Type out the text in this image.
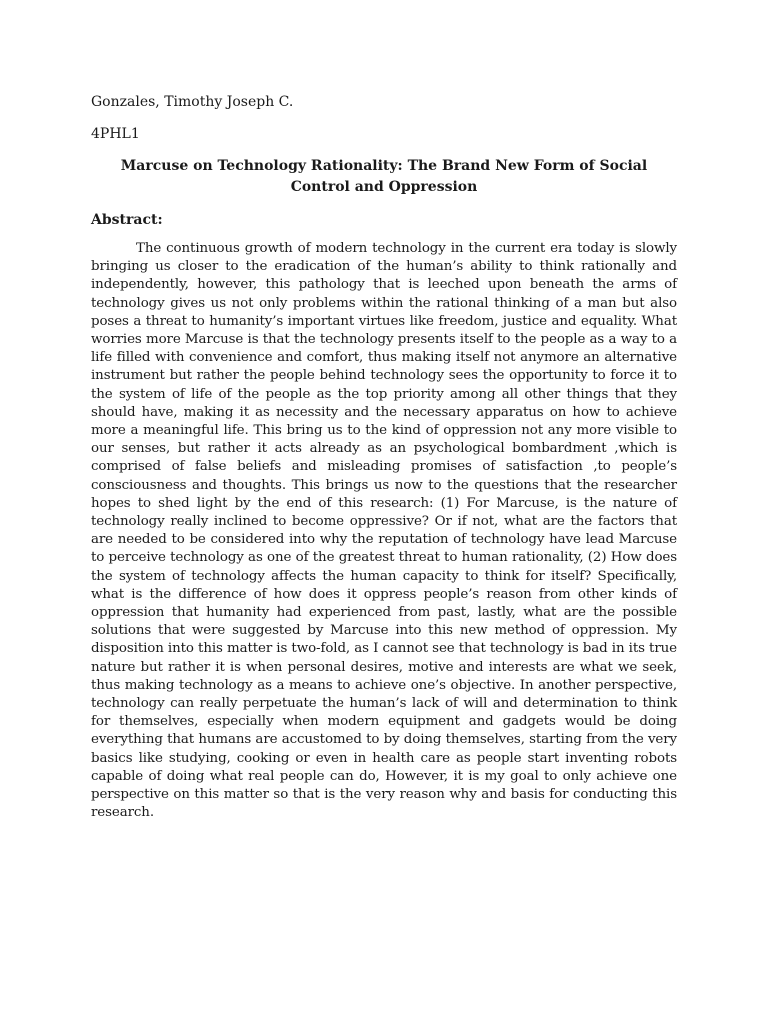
Gonzales, Timothy Joseph C.

4PHL1

Marcuse on Technology Rationality: The Brand New Form of Social Control and Oppression

Abstract:

The continuous growth of modern technology in the current era today is slowly bringing us closer to the eradication of the human’s ability to think rationally and independently, however, this pathology that is leeched upon beneath the arms of technology gives us not only problems within the rational thinking of a man but also poses a threat to humanity’s important virtues like freedom, justice and equality. What worries more Marcuse is that the technology presents itself to the people as a way to a life filled with convenience and comfort, thus making itself not anymore an alternative instrument but rather the people behind technology sees the opportunity to force it to the system of life of the people as the top priority among all other things that they should have, making it as necessity and the necessary apparatus on how to achieve more a meaningful life. This bring us to the kind of oppression not any more visible to our senses, but rather it acts already as an psychological bombardment ,which is comprised of false beliefs and misleading promises of satisfaction ,to people’s consciousness and thoughts. This brings us now to the questions that the researcher hopes to shed light by the end of this research: (1) For Marcuse, is the nature of technology really inclined to become oppressive? Or if not, what are the factors that are needed to be considered into why the reputation of technology have lead Marcuse to perceive technology as one of the greatest threat to human rationality, (2) How does the system of technology affects the human capacity to think for itself? Specifically, what is the difference of how does it oppress people’s reason from other kinds of oppression that humanity had experienced from past, lastly, what are the possible solutions that were suggested by Marcuse into this new method of oppression. My disposition into this matter is two-fold, as I cannot see that technology is bad in its true nature but rather it is when personal desires, motive and interests are what we seek, thus making technology as a means to achieve one’s objective. In another perspective, technology can really perpetuate the human’s lack of will and determination to think for themselves, especially when modern equipment and gadgets would be doing everything that humans are accustomed to by doing themselves, starting from the very basics like studying, cooking or even in health care as people start inventing robots capable of doing what real people can do, However, it is my goal to only achieve one perspective on this matter so that is the very reason why and basis for conducting this research.
